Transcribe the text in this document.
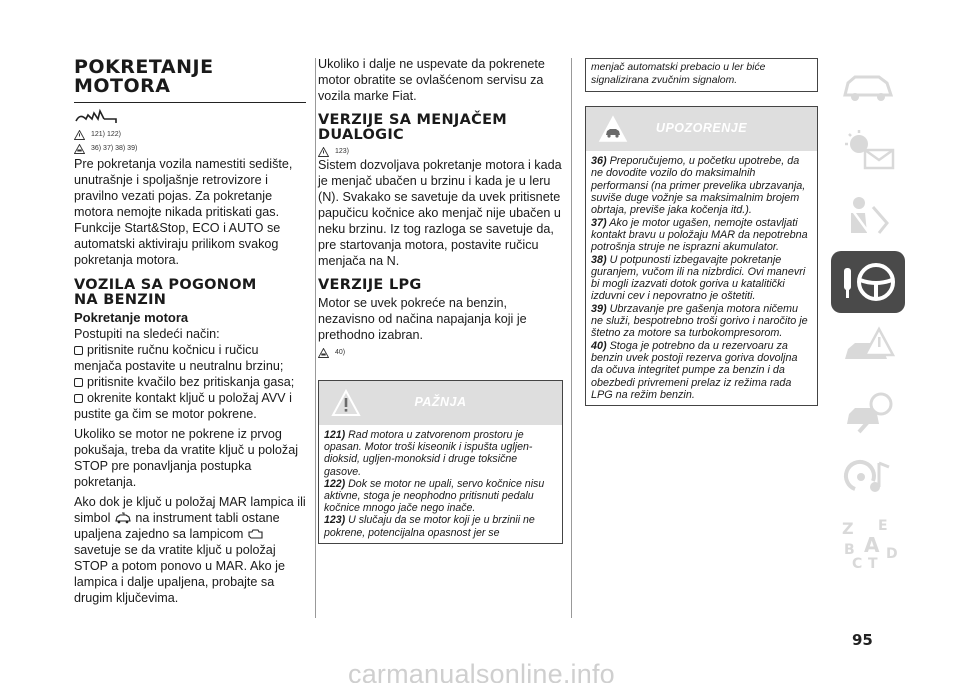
POKRETANJE
MOTORA
121) 122)
36) 37) 38) 39)
Pre pokretanja vozila namestiti sedište, unutrašnje i spoljašnje retrovizore i pravilno vezati pojas. Za pokretanje motora nemojte nikada pritiskati gas. Funkcije Start&Stop, ECO i AUTO se automatski aktiviraju prilikom svakog pokretanja motora.
VOZILA SA POGONOM
NA BENZIN
Pokretanje motora
Postupiti na sledeći način:
pritisnite ručnu kočnicu i ručicu menjača postavite u neutralnu brzinu;
pritisnite kvačilo bez pritiskanja gasa;
okrenite kontakt ključ u položaj AVV i pustite ga čim se motor pokrene.
Ukoliko se motor ne pokrene iz prvog pokušaja, treba da vratite ključ u položaj STOP pre ponavljanja postupka pokretanja.
Ako dok je ključ u položaj MAR lampica ili simbol na instrument tabli ostane upaljena zajedno sa lampicom  savetuje se da vratite ključ u položaj STOP a potom ponovo u MAR. Ako je lampica i dalje upaljena, probajte sa drugim ključevima.
Ukoliko i dalje ne uspevate da pokrenete motor obratite se ovlašćenom servisu za vozila marke Fiat.
VERZIJE SA MENJAČEM
DUALOGIC
123)
Sistem dozvoljava pokretanje motora i kada je menjač ubačen u brzinu i kada je u leru (N). Svakako se savetuje da uvek pritisnete papučicu kočnice ako menjač nije ubačen u neku brzinu. Iz tog razloga se savetuje da, pre startovanja motora, postavite ručicu menjača na N.
VERZIJE LPG
Motor se uvek pokreće na benzin, nezavisno od načina napajanja koji je prethodno izabran.
40)
PAŽNJA
121) Rad motora u zatvorenom prostoru je opasan. Motor troši kiseonik i ispušta ugljen-dioksid, ugljen-monoksid i druge toksične gasove.
122) Dok se motor ne upali, servo kočnice nisu aktivne, stoga je neophodno pritisnuti pedalu kočnice mnogo jače nego inače.
123) U slučaju da se motor koji je u brzinii ne pokrene, potencijalna opasnost jer se
menjač automatski prebacio u ler biće signalizirana zvučnim signalom.
UPOZORENJE
36) Preporučujemo, u početku upotrebe, da ne dovodite vozilo do maksimalnih performansi (na primer prevelika ubrzavanja, suviše duge vožnje sa maksimalnim brojem obrtaja, previše jaka kočenja itd.).
37) Ako je motor ugašen, nemojte ostavljati kontakt bravu u položaju MAR da nepotrebna potrošnja struje ne isprazni akumulator.
38) U potpunosti izbegavajte pokretanje guranjem, vučom ili na nizbrdici. Ovi manevri bi mogli izazvati dotok goriva u katalitički izduvni cev i nepovratno je oštetiti.
39) Ubrzavanje pre gašenja motora ničemu ne služi, bespotrebno troši gorivo i naročito je štetno za motore sa turbokompresorom.
40) Stoga je potrebno da u rezervoaru za benzin uvek postoji rezerva goriva dovoljna da očuva integritet pumpe za benzin i da obezbedi privremeni prelaz iz režima rada LPG na režim benzin.
Z E
B A
C T
D
95
carmanualsonline.info
